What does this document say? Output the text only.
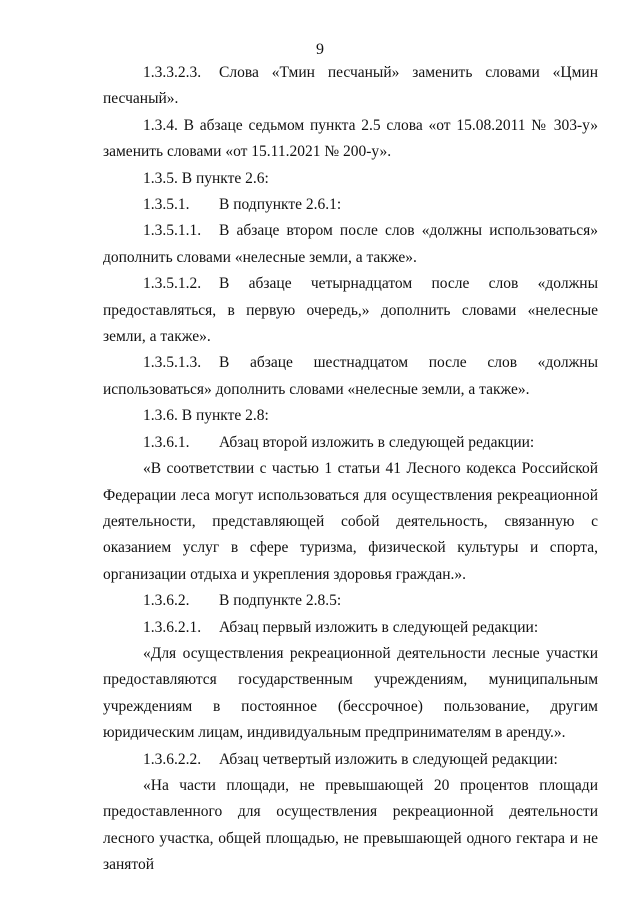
9

1.3.3.2.3. Слова «Тмин песчаный» заменить словами «Цмин песчаный».

1.3.4. В абзаце седьмом пункта 2.5 слова «от 15.08.2011 № 303-у» заменить словами «от 15.11.2021 № 200-у».

1.3.5. В пункте 2.6:

1.3.5.1. В подпункте 2.6.1:

1.3.5.1.1. В абзаце втором после слов «должны использоваться» дополнить словами «нелесные земли, а также».

1.3.5.1.2. В абзаце четырнадцатом после слов «должны предоставляться, в первую очередь,» дополнить словами «нелесные земли, а также».

1.3.5.1.3. В абзаце шестнадцатом после слов «должны использоваться» дополнить словами «нелесные земли, а также».

1.3.6. В пункте 2.8:

1.3.6.1. Абзац второй изложить в следующей редакции:

«В соответствии с частью 1 статьи 41 Лесного кодекса Российской Федерации леса могут использоваться для осуществления рекреационной деятельности, представляющей собой деятельность, связанную с оказанием услуг в сфере туризма, физической культуры и спорта, организации отдыха и укрепления здоровья граждан.».

1.3.6.2. В подпункте 2.8.5:

1.3.6.2.1. Абзац первый изложить в следующей редакции:

«Для осуществления рекреационной деятельности лесные участки предоставляются государственным учреждениям, муниципальным учреждениям в постоянное (бессрочное) пользование, другим юридическим лицам, индивидуальным предпринимателям в аренду.».

1.3.6.2.2. Абзац четвертый изложить в следующей редакции:

«На части площади, не превышающей 20 процентов площади предоставленного для осуществления рекреационной деятельности лесного участка, общей площадью, не превышающей одного гектара и не занятой
